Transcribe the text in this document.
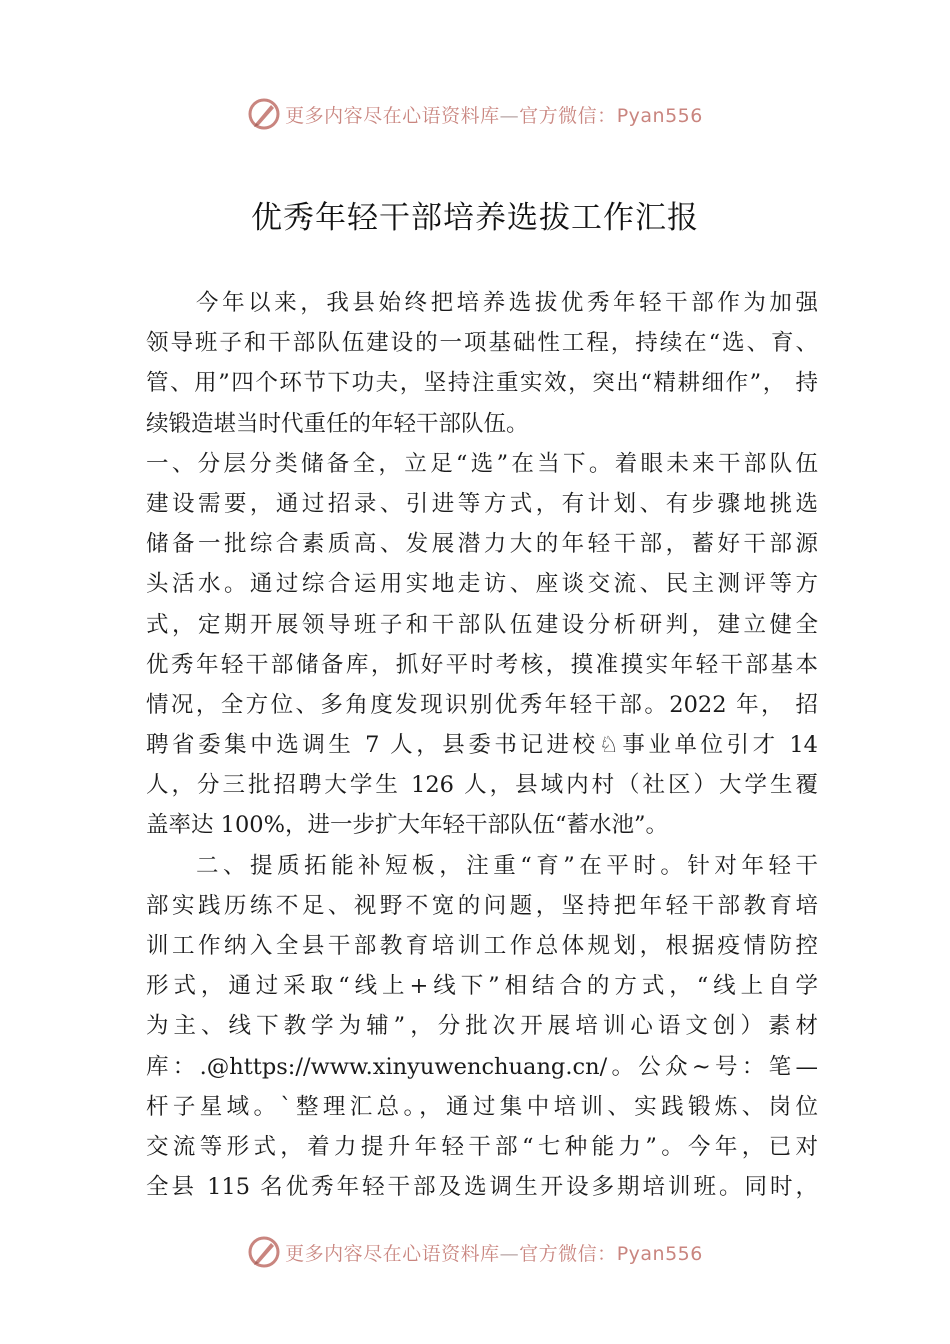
更多内容尽在心语资料库—官方微信：Pyan556
优秀年轻干部培养选拔工作汇报
今年以来，我县始终把培养选拔优秀年轻干部作为加强
领导班子和干部队伍建设的一项基础性工程，持续在“选、育、
管、用”四个环节下功夫，坚持注重实效，突出“精耕细作”， 持
续锻造堪当时代重任的年轻干部队伍。
一、分层分类储备全，立足“选”在当下。着眼未来干部队伍
建设需要，通过招录、引进等方式，有计划、有步骤地挑选
储备一批综合素质高、发展潜力大的年轻干部，蓄好干部源
头活水。通过综合运用实地走访、座谈交流、民主测评等方
式，定期开展领导班子和干部队伍建设分析研判，建立健全
优秀年轻干部储备库，抓好平时考核，摸准摸实年轻干部基本
情况，全方位、多角度发现识别优秀年轻干部。2022 年， 招
聘省委集中选调生 7 人，县委书记进校♘事业单位引才 14
人，分三批招聘大学生 126 人，县域内村（社区）大学生覆
盖率达 100%，进一步扩大年轻干部队伍“蓄水池”。
二、提质拓能补短板，注重“育”在平时。针对年轻干
部实践历练不足、视野不宽的问题，坚持把年轻干部教育培
训工作纳入全县干部教育培训工作总体规划，根据疫情防控
形式，通过采取“线上+线下”相结合的方式，“线上自学
为主、线下教学为辅”，分批次开展培训心语文创）素材
库：.@https://www.xinyuwenchuang.cn/。公众~号：笔—
杆子星域。`整理汇总。，通过集中培训、实践锻炼、岗位
交流等形式，着力提升年轻干部“七种能力”。今年，已对
全县 115 名优秀年轻干部及选调生开设多期培训班。同时，
更多内容尽在心语资料库—官方微信：Pyan556
